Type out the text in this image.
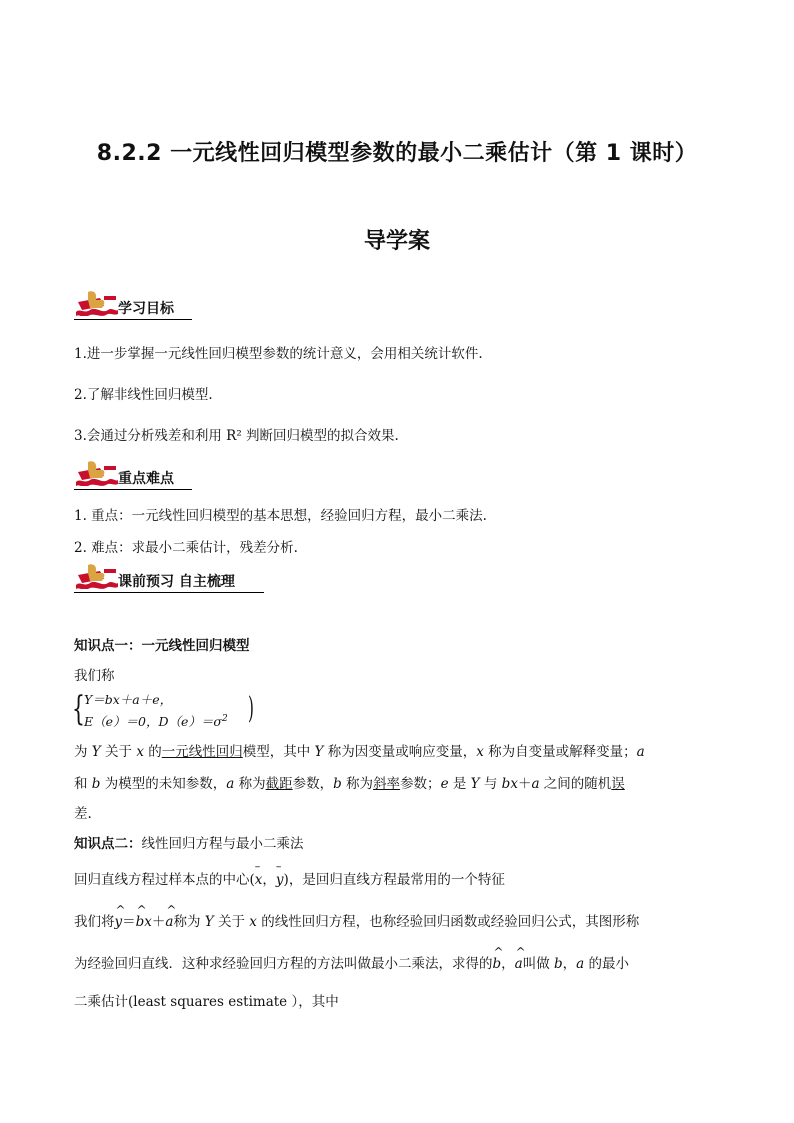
8.2.2 一元线性回归模型参数的最小二乘估计（第 1 课时）
导学案
学习目标
1.进一步掌握一元线性回归模型参数的统计意义，会用相关统计软件.
2.了解非线性回归模型.
3.会通过分析残差和利用 R² 判断回归模型的拟合效果.
重点难点
1. 重点：一元线性回归模型的基本思想，经验回归方程，最小二乘法.
2. 难点：求最小二乘估计，残差分析.
课前预习 自主梳理
知识点一：一元线性回归模型
我们称
{ Y＝bx＋a＋e，
E（e）＝0，$D(e)=\sigma^2$ )
为 Y 关于 x 的一元线性回归模型，其中 Y 称为因变量或响应变量，x 称为自变量或解释变量；a
和 b 为模型的未知参数，a 称为截距参数，b 称为斜率参数；e 是 Y 与 bx＋a 之间的随机误
差.
知识点二：线性回归方程与最小二乘法
回归直线方程过样本点的中心(– x，– y)，是回归直线方程最常用的一个特征
我们将^ y＝^ bx＋^ a称为 Y 关于 x 的线性回归方程，也称经验回归函数或经验回归公式，其图形称
为经验回归直线．这种求经验回归方程的方法叫做最小二乘法，求得的^ b，^ a叫做 b，a 的最小
二乘估计(least squares estimate ），其中
